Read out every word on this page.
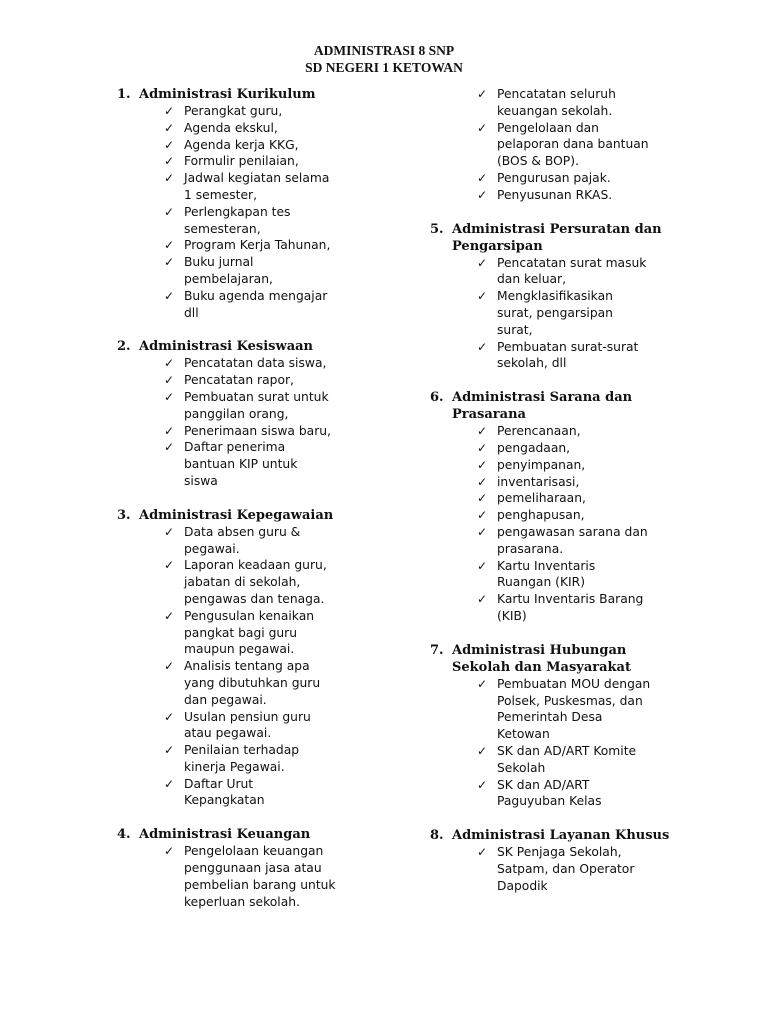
ADMINISTRASI 8 SNP
SD NEGERI 1 KETOWAN
1. Administrasi Kurikulum
✓ Perangkat guru,
✓ Agenda ekskul,
✓ Agenda kerja KKG,
✓ Formulir penilaian,
✓ Jadwal kegiatan selama
1 semester,
✓ Perlengkapan tes
semesteran,
✓ Program Kerja Tahunan,
✓ Buku jurnal
pembelajaran,
✓ Buku agenda mengajar
dll
2. Administrasi Kesiswaan
✓ Pencatatan data siswa,
✓ Pencatatan rapor,
✓ Pembuatan surat untuk
panggilan orang,
✓ Penerimaan siswa baru,
✓ Daftar penerima
bantuan KIP untuk
siswa
3. Administrasi Kepegawaian
✓ Data absen guru &
pegawai.
✓ Laporan keadaan guru,
jabatan di sekolah,
pengawas dan tenaga.
✓ Pengusulan kenaikan
pangkat bagi guru
maupun pegawai.
✓ Analisis tentang apa
yang dibutuhkan guru
dan pegawai.
✓ Usulan pensiun guru
atau pegawai.
✓ Penilaian terhadap
kinerja Pegawai.
✓ Daftar Urut
Kepangkatan
4. Administrasi Keuangan
✓ Pengelolaan keuangan
penggunaan jasa atau
pembelian barang untuk
keperluan sekolah.
✓ Pencatatan seluruh
keuangan sekolah.
✓ Pengelolaan dan
pelaporan dana bantuan
(BOS & BOP).
✓ Pengurusan pajak.
✓ Penyusunan RKAS.
5. Administrasi Persuratan dan
Pengarsipan
✓ Pencatatan surat masuk
dan keluar,
✓ Mengklasifikasikan
surat, pengarsipan
surat,
✓ Pembuatan surat-surat
sekolah, dll
6. Administrasi Sarana dan
Prasarana
✓ Perencanaan,
✓ pengadaan,
✓ penyimpanan,
✓ inventarisasi,
✓ pemeliharaan,
✓ penghapusan,
✓ pengawasan sarana dan
prasarana.
✓ Kartu Inventaris
Ruangan (KIR)
✓ Kartu Inventaris Barang
(KIB)
7. Administrasi Hubungan
Sekolah dan Masyarakat
✓ Pembuatan MOU dengan
Polsek, Puskesmas, dan
Pemerintah Desa
Ketowan
✓ SK dan AD/ART Komite
Sekolah
✓ SK dan AD/ART
Paguyuban Kelas
8. Administrasi Layanan Khusus
✓ SK Penjaga Sekolah,
Satpam, dan Operator
Dapodik
